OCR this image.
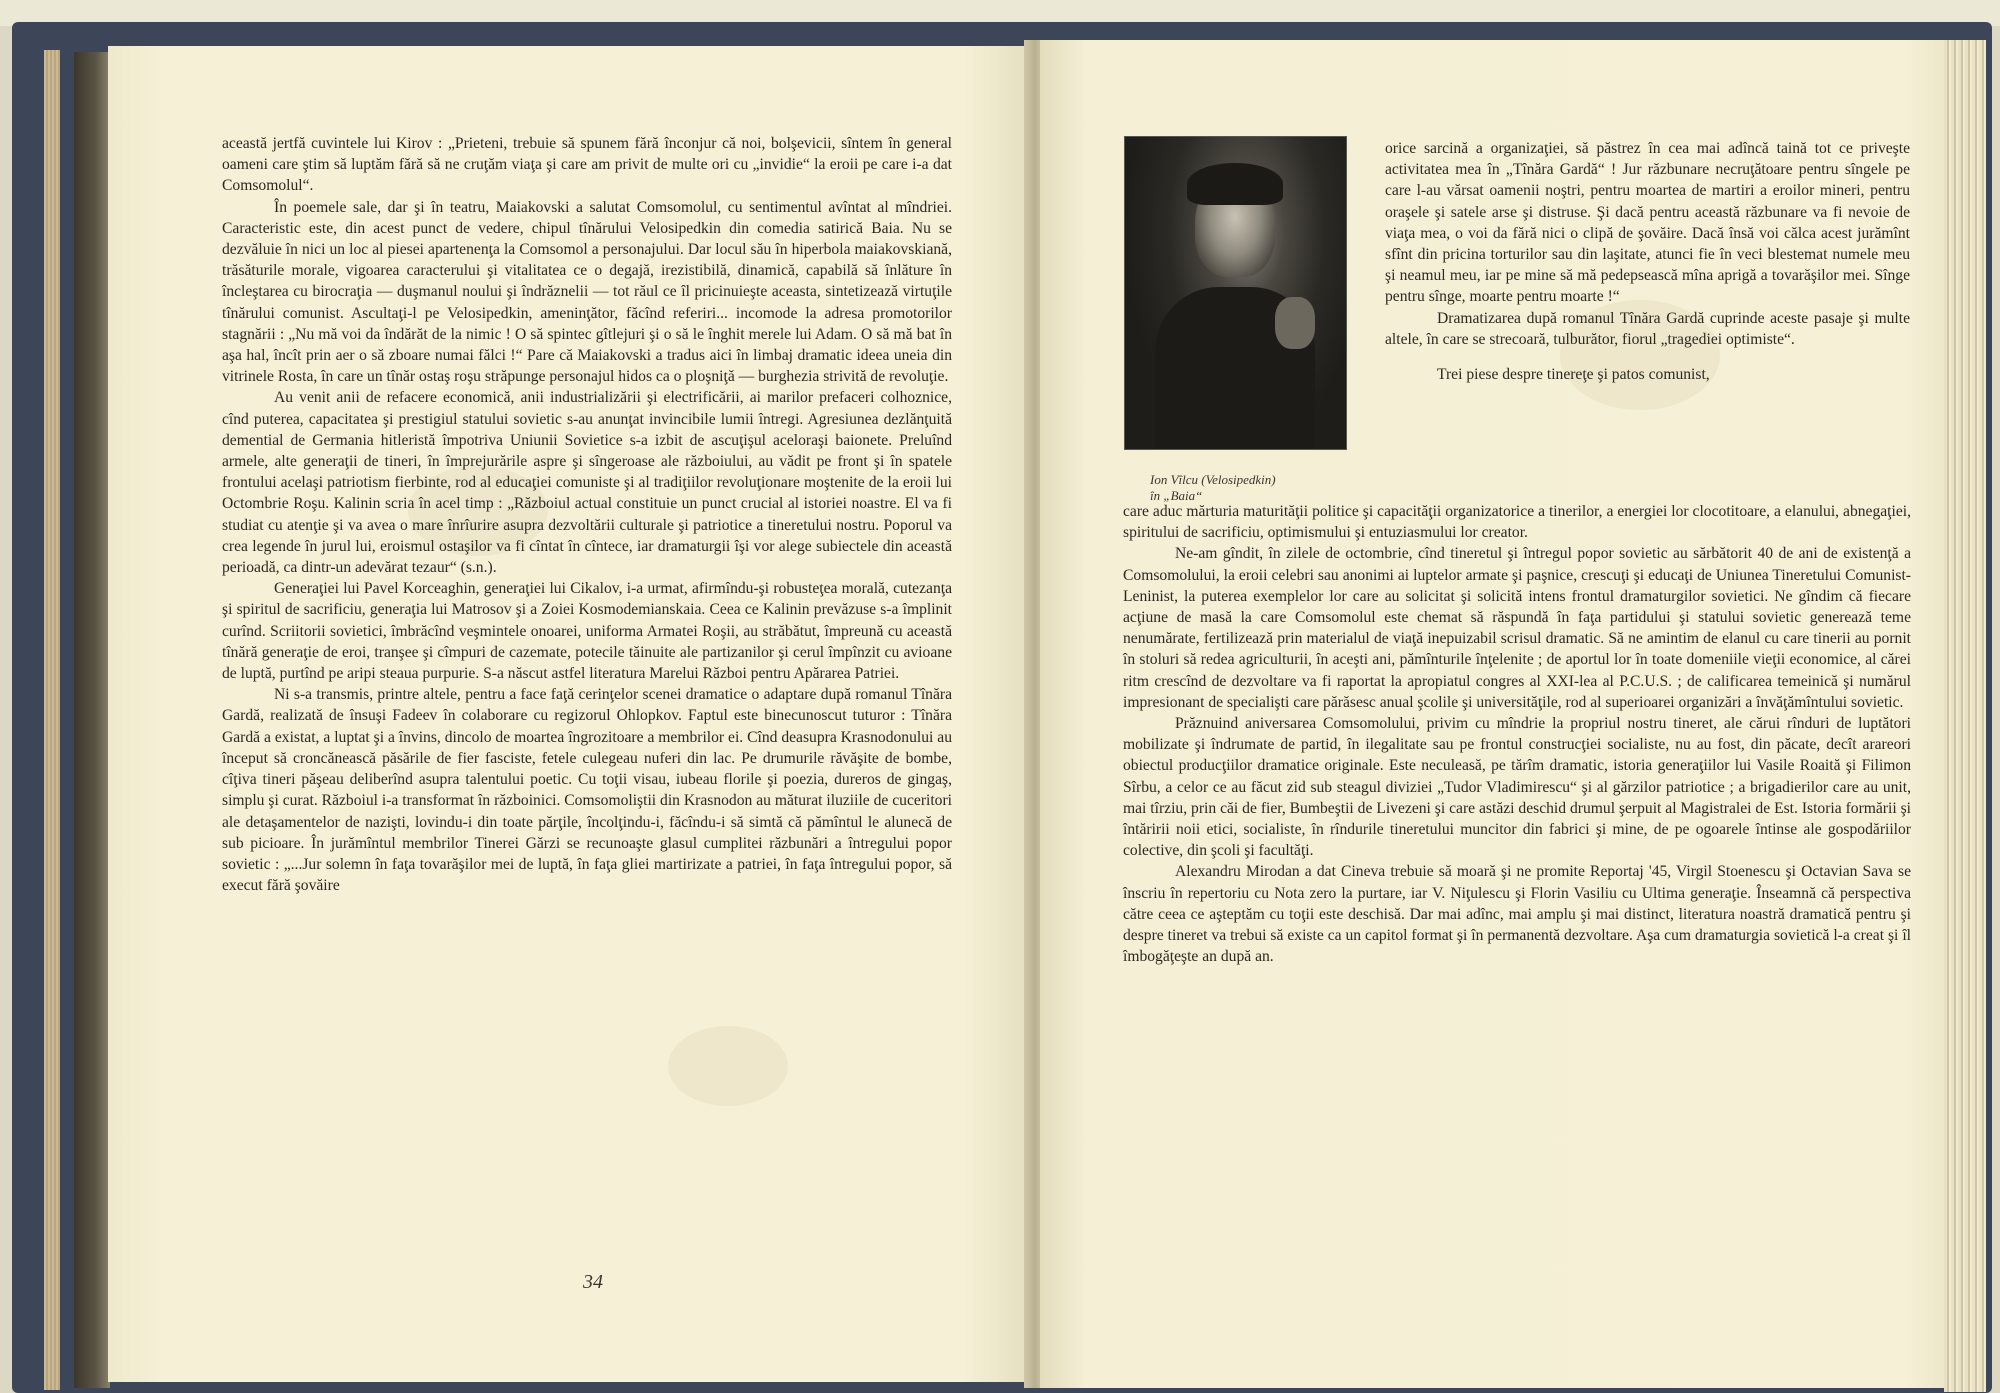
această jertfă cuvintele lui Kirov : „Prieteni, trebuie să spunem fără înconjur că noi, bolşevicii, sîntem în general oameni care ştim să luptăm fără să ne cruţăm viaţa şi care am privit de multe ori cu „invidie“ la eroii pe care i-a dat Comsomolul“.

În poemele sale, dar şi în teatru, Maiakovski a salutat Comsomolul, cu sentimentul avîntat al mîndriei. Caracteristic este, din acest punct de vedere, chipul tînărului Velosipedkin din comedia satirică Baia. Nu se dezvăluie în nici un loc al piesei apartenenţa la Comsomol a personajului. Dar locul său în hiperbola maiakovskiană, trăsăturile morale, vigoarea caracterului şi vitalitatea ce o degajă, irezistibilă, dinamică, capabilă să înlăture în încleştarea cu birocraţia — duşmanul noului şi îndrăznelii — tot răul ce îl pricinuieşte aceasta, sintetizează virtuţile tînărului comunist. Ascultaţi-l pe Velosipedkin, ameninţător, făcînd referiri... incomode la adresa promotorilor stagnării : „Nu mă voi da îndărăt de la nimic ! O să spintec gîtlejuri şi o să le înghit merele lui Adam. O să mă bat în aşa hal, încît prin aer o să zboare numai fălci !“ Pare că Maiakovski a tradus aici în limbaj dramatic ideea uneia din vitrinele Rosta, în care un tînăr ostaş roşu străpunge personajul hidos ca o ploşniţă — burghezia strivită de revoluţie.

Au venit anii de refacere economică, anii industrializării şi electrificării, ai marilor prefaceri colhoznice, cînd puterea, capacitatea şi prestigiul statului sovietic s-au anunţat invincibile lumii întregi. Agresiunea dezlănţuită demential de Germania hitleristă împotriva Uniunii Sovietice s-a izbit de ascuţişul aceloraşi baionete. Preluînd armele, alte generaţii de tineri, în împrejurările aspre şi sîngeroase ale războiului, au vădit pe front şi în spatele frontului acelaşi patriotism fierbinte, rod al educaţiei comuniste şi al tradiţiilor revoluţionare moştenite de la eroii lui Octombrie Roşu. Kalinin scria în acel timp : „Războiul actual constituie un punct crucial al istoriei noastre. El va fi studiat cu atenţie şi va avea o mare înrîurire asupra dezvoltării culturale şi patriotice a tineretului nostru. Poporul va crea legende în jurul lui, eroismul ostaşilor va fi cîntat în cîntece, iar dramaturgii îşi vor alege subiectele din această perioadă, ca dintr-un adevărat tezaur“ (s.n.).

Generaţiei lui Pavel Korceaghin, generaţiei lui Cikalov, i-a urmat, afirmîndu-şi robusteţea morală, cutezanţa şi spiritul de sacrificiu, generaţia lui Matrosov şi a Zoiei Kosmodemianskaia. Ceea ce Kalinin prevăzuse s-a împlinit curînd. Scriitorii sovietici, îmbrăcînd veşmintele onoarei, uniforma Armatei Roşii, au străbătut, împreună cu această tînără generaţie de eroi, tranşee şi cîmpuri de cazemate, potecile tăinuite ale partizanilor şi cerul împînzit cu avioane de luptă, purtînd pe aripi steaua purpurie. S-a născut astfel literatura Marelui Război pentru Apărarea Patriei.

Ni s-a transmis, printre altele, pentru a face faţă cerinţelor scenei dramatice o adaptare după romanul Tînăra Gardă, realizată de însuşi Fadeev în colaborare cu regizorul Ohlopkov. Faptul este binecunoscut tuturor : Tînăra Gardă a existat, a luptat şi a învins, dincolo de moartea îngrozitoare a membrilor ei. Cînd deasupra Krasnodonului au început să croncănească păsările de fier fasciste, fetele culegeau nuferi din lac. Pe drumurile răvăşite de bombe, cîţiva tineri păşeau deliberînd asupra talentului poetic. Cu toţii visau, iubeau florile şi poezia, dureros de gingaş, simplu şi curat. Războiul i-a transformat în războinici. Comsomoliştii din Krasnodon au măturat iluziile de cuceritori ale detaşamentelor de nazişti, lovindu-i din toate părţile, încolţindu-i, făcîndu-i să simtă că pămîntul le alunecă de sub picioare. În jurămîntul membrilor Tinerei Gărzi se recunoaşte glasul cumplitei răzbunări a întregului popor sovietic : „...Jur solemn în faţa tovarăşilor mei de luptă, în faţa gliei martirizate a patriei, în faţa întregului popor, să execut fără şovăire

34
Ion Vîlcu (Velosipedkin)
în „Baia“

orice sarcină a organizaţiei, să păstrez în cea mai adîncă taină tot ce priveşte activitatea mea în „Tînăra Gardă“ ! Jur răzbunare necruţătoare pentru sîngele pe care l-au vărsat oamenii noştri, pentru moartea de martiri a eroilor mineri, pentru oraşele şi satele arse şi distruse. Şi dacă pentru această răzbunare va fi nevoie de viaţa mea, o voi da fără nici o clipă de şovăire. Dacă însă voi călca acest jurămînt sfînt din pricina torturilor sau din laşitate, atunci fie în veci blestemat numele meu şi neamul meu, iar pe mine să mă pedepsească mîna aprigă a tovarăşilor mei. Sînge pentru sînge, moarte pentru moarte !“

Dramatizarea după romanul Tînăra Gardă cuprinde aceste pasaje şi multe altele, în care se strecoară, tulburător, fiorul „tragediei optimiste“.

Trei piese despre tinereţe şi patos comunist,

care aduc mărturia maturităţii politice şi capacităţii organizatorice a tinerilor, a energiei lor clocotitoare, a elanului, abnegaţiei, spiritului de sacrificiu, optimismului şi entuziasmului lor creator.

Ne-am gîndit, în zilele de octombrie, cînd tineretul şi întregul popor sovietic au sărbătorit 40 de ani de existenţă a Comsomolului, la eroii celebri sau anonimi ai luptelor armate şi paşnice, crescuţi şi educaţi de Uniunea Tineretului Comunist-Leninist, la puterea exemplelor lor care au solicitat şi solicită intens frontul dramaturgilor sovietici. Ne gîndim că fiecare acţiune de masă la care Comsomolul este chemat să răspundă în faţa partidului şi statului sovietic generează teme nenumărate, fertilizează prin materialul de viaţă inepuizabil scrisul dramatic. Să ne amintim de elanul cu care tinerii au pornit în stoluri să redea agriculturii, în aceşti ani, pămînturile înţelenite ; de aportul lor în toate domeniile vieţii economice, al cărei ritm crescînd de dezvoltare va fi raportat la apropiatul congres al XXI-lea al P.C.U.S. ; de calificarea temeinică şi numărul impresionant de specialişti care părăsesc anual şcolile şi universităţile, rod al superioarei organizări a învăţămîntului sovietic.

Prăznuind aniversarea Comsomolului, privim cu mîndrie la propriul nostru tineret, ale cărui rînduri de luptători mobilizate şi îndrumate de partid, în ilegalitate sau pe frontul construcţiei socialiste, nu au fost, din păcate, decît arareori obiectul producţiilor dramatice originale. Este neculeasă, pe tărîm dramatic, istoria generaţiilor lui Vasile Roaită şi Filimon Sîrbu, a celor ce au făcut zid sub steagul diviziei „Tudor Vladimirescu“ şi al gărzilor patriotice ; a brigadierilor care au unit, mai tîrziu, prin căi de fier, Bumbeştii de Livezeni şi care astăzi deschid drumul şerpuit al Magistralei de Est. Istoria formării şi întăririi noii etici, socialiste, în rîndurile tineretului muncitor din fabrici şi mine, de pe ogoarele întinse ale gospodăriilor colective, din şcoli şi facultăţi.

Alexandru Mirodan a dat Cineva trebuie să moară şi ne promite Reportaj '45, Virgil Stoenescu şi Octavian Sava se înscriu în repertoriu cu Nota zero la purtare, iar V. Niţulescu şi Florin Vasiliu cu Ultima generaţie. Înseamnă că perspectiva către ceea ce aşteptăm cu toţii este deschisă. Dar mai adînc, mai amplu şi mai distinct, literatura noastră dramatică pentru şi despre tineret va trebui să existe ca un capitol format şi în permanentă dezvoltare. Aşa cum dramaturgia sovietică l-a creat şi îl îmbogăţeşte an după an.
